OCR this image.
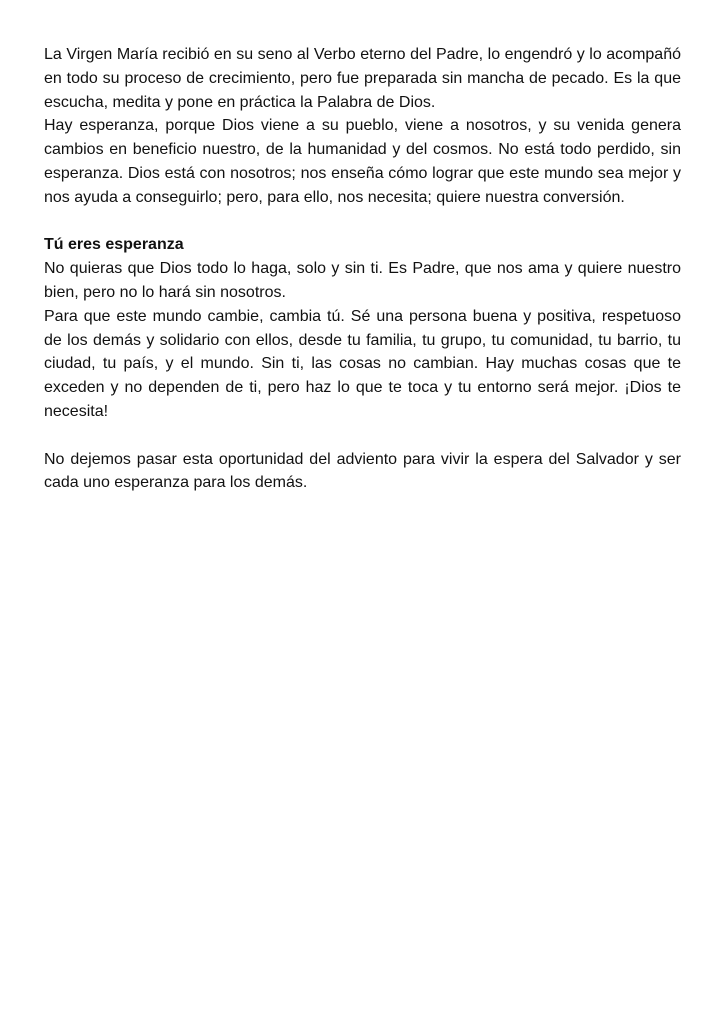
La Virgen María recibió en su seno al Verbo eterno del Padre, lo engendró y lo acompañó en todo su proceso de crecimiento, pero fue preparada sin mancha de pecado. Es la que escucha, medita y pone en práctica la Palabra de Dios.

Hay esperanza, porque Dios viene a su pueblo, viene a nosotros, y su venida genera cambios en beneficio nuestro, de la humanidad y del cosmos. No está todo perdido, sin esperanza. Dios está con nosotros; nos enseña cómo lograr que este mundo sea mejor y nos ayuda a conseguirlo; pero, para ello, nos necesita; quiere nuestra conversión.

Tú eres esperanza

No quieras que Dios todo lo haga, solo y sin ti. Es Padre, que nos ama y quiere nuestro bien, pero no lo hará sin nosotros.

Para que este mundo cambie, cambia tú. Sé una persona buena y positiva, respetuoso de los demás y solidario con ellos, desde tu familia, tu grupo, tu comunidad, tu barrio, tu ciudad, tu país, y el mundo. Sin ti, las cosas no cambian. Hay muchas cosas que te exceden y no dependen de ti, pero haz lo que te toca y tu entorno será mejor. ¡Dios te necesita!

No dejemos pasar esta oportunidad del adviento para vivir la espera del Salvador y ser cada uno esperanza para los demás.
